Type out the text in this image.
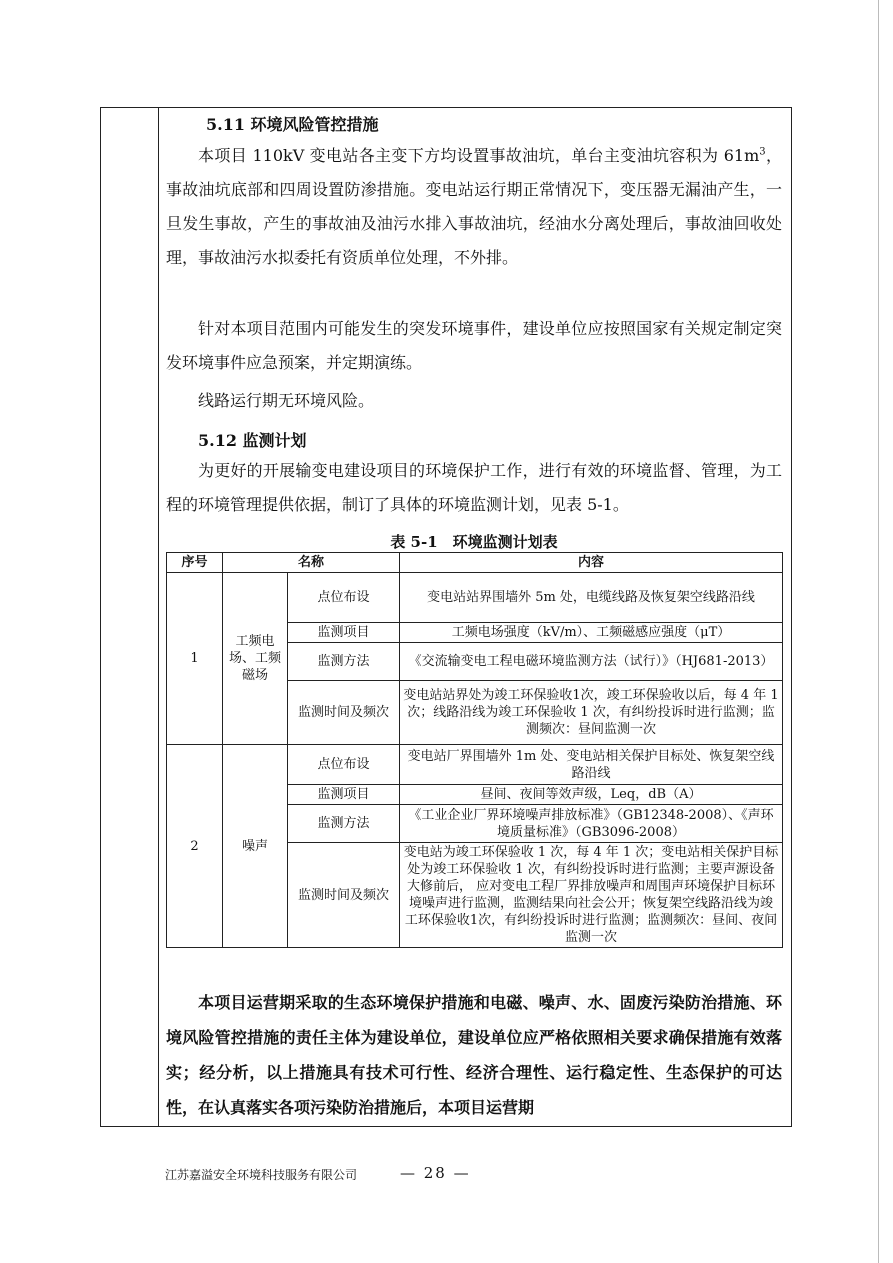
5.11 环境风险管控措施
本项目 110kV 变电站各主变下方均设置事故油坑，单台主变油坑容积为 $61m^3$，事故油坑底部和四周设置防渗措施。变电站运行期正常情况下，变压器无漏油产生，一旦发生事故，产生的事故油及油污水排入事故油坑，经油水分离处理后，事故油回收处理，事故油污水拟委托有资质单位处理，不外排。
针对本项目范围内可能发生的突发环境事件，建设单位应按照国家有关规定制定突发环境事件应急预案，并定期演练。
线路运行期无环境风险。
5.12 监测计划
为更好的开展输变电建设项目的环境保护工作，进行有效的环境监督、管理，为工程的环境管理提供依据，制订了具体的环境监测计划，见表 5-1。
表 5-1　环境监测计划表
序号	名称		内容
1	工频电场、工频磁场	点位布设	变电站站界围墙外 5m 处，电缆线路及恢复架空线路沿线
		监测项目	工频电场强度（kV/m）、工频磁感应强度（μT）
		监测方法	《交流输变电工程电磁环境监测方法（试行）》（HJ681-2013）
		监测时间及频次	变电站站界处为竣工环保验收1次，竣工环保验收以后，每 4 年 1 次；线路沿线为竣工环保验收 1 次，有纠纷投诉时进行监测；监测频次：昼间监测一次
2	噪声	点位布设	变电站厂界围墙外 1m 处、变电站相关保护目标处、恢复架空线路沿线
		监测项目	昼间、夜间等效声级，Leq，dB（A）
		监测方法	《工业企业厂界环境噪声排放标准》（GB12348-2008）、《声环境质量标准》（GB3096-2008）
		监测时间及频次	变电站为竣工环保验收 1 次，每 4 年 1 次；变电站相关保护目标处为竣工环保验收 1 次，有纠纷投诉时进行监测；主要声源设备大修前后， 应对变电工程厂界排放噪声和周围声环境保护目标环境噪声进行监测，监测结果向社会公开；恢复架空线路沿线为竣工环保验收1次，有纠纷投诉时进行监测；监测频次：昼间、夜间监测一次
本项目运营期采取的生态环境保护措施和电磁、噪声、水、固废污染防治措施、环境风险管控措施的责任主体为建设单位，建设单位应严格依照相关要求确保措施有效落实；经分析，以上措施具有技术可行性、经济合理性、运行稳定性、生态保护的可达性，在认真落实各项污染防治措施后，本项目运营期
江苏嘉溢安全环境科技服务有限公司	— 28 —
